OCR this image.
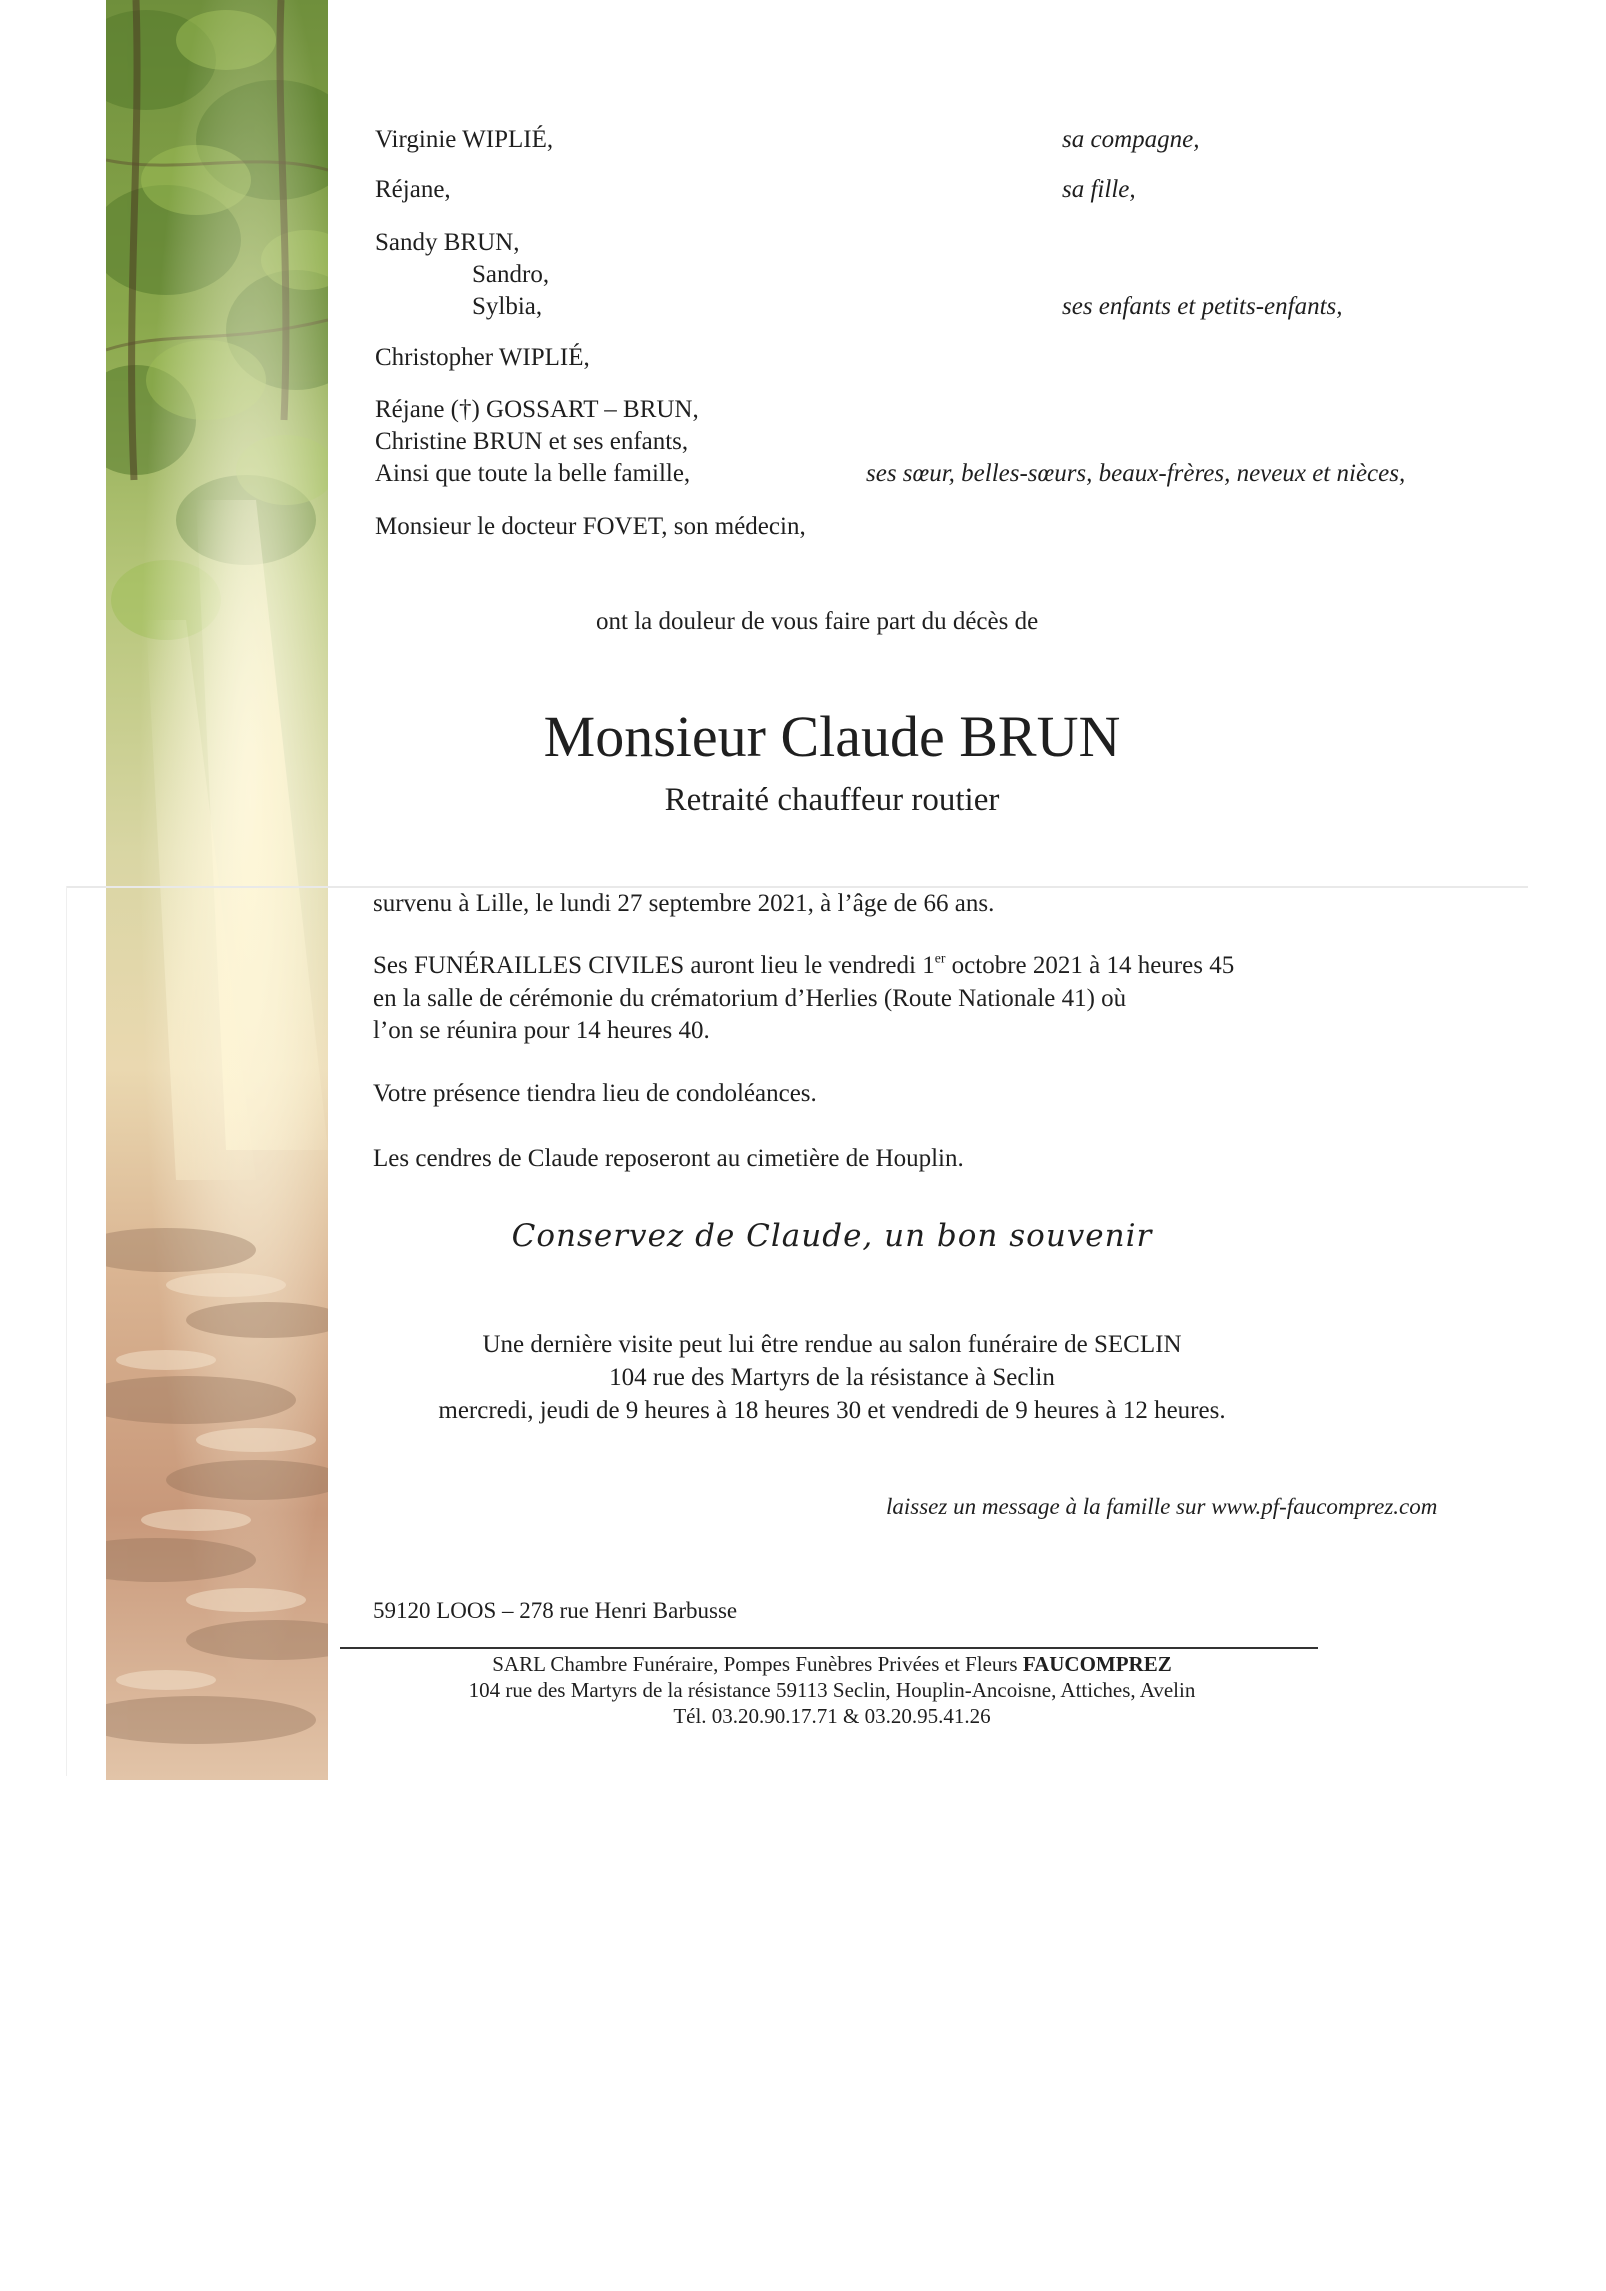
Virginie WIPLIÉ,	sa compagne,
Réjane,	sa fille,
Sandy BRUN,
Sandro,
Sylbia,	ses enfants et petits-enfants,
Christopher WIPLIÉ,
Réjane (†) GOSSART – BRUN,
Christine BRUN et ses enfants,
Ainsi que toute la belle famille,	ses sœur, belles-sœurs, beaux-frères, neveux et nièces,
Monsieur le docteur FOVET, son médecin,
ont la douleur de vous faire part du décès de
Monsieur Claude BRUN
Retraité chauffeur routier
survenu à Lille, le lundi 27 septembre 2021, à l’âge de 66 ans.
Ses FUNÉRAILLES CIVILES auront lieu le vendredi 1er octobre 2021 à 14 heures 45
en la salle de cérémonie du crématorium d’Herlies (Route Nationale 41) où
l’on se réunira pour 14 heures 40.
Votre présence tiendra lieu de condoléances.
Les cendres de Claude reposeront au cimetière de Houplin.
Conservez de Claude, un bon souvenir
Une dernière visite peut lui être rendue au salon funéraire de SECLIN
104 rue des Martyrs de la résistance à Seclin
mercredi, jeudi de 9 heures à 18 heures 30 et vendredi de 9 heures à 12 heures.
laissez un message à la famille sur www.pf-faucomprez.com
59120 LOOS – 278 rue Henri Barbusse
SARL Chambre Funéraire, Pompes Funèbres Privées et Fleurs FAUCOMPREZ
104 rue des Martyrs de la résistance 59113 Seclin, Houplin-Ancoisne, Attiches, Avelin
Tél. 03.20.90.17.71 & 03.20.95.41.26
